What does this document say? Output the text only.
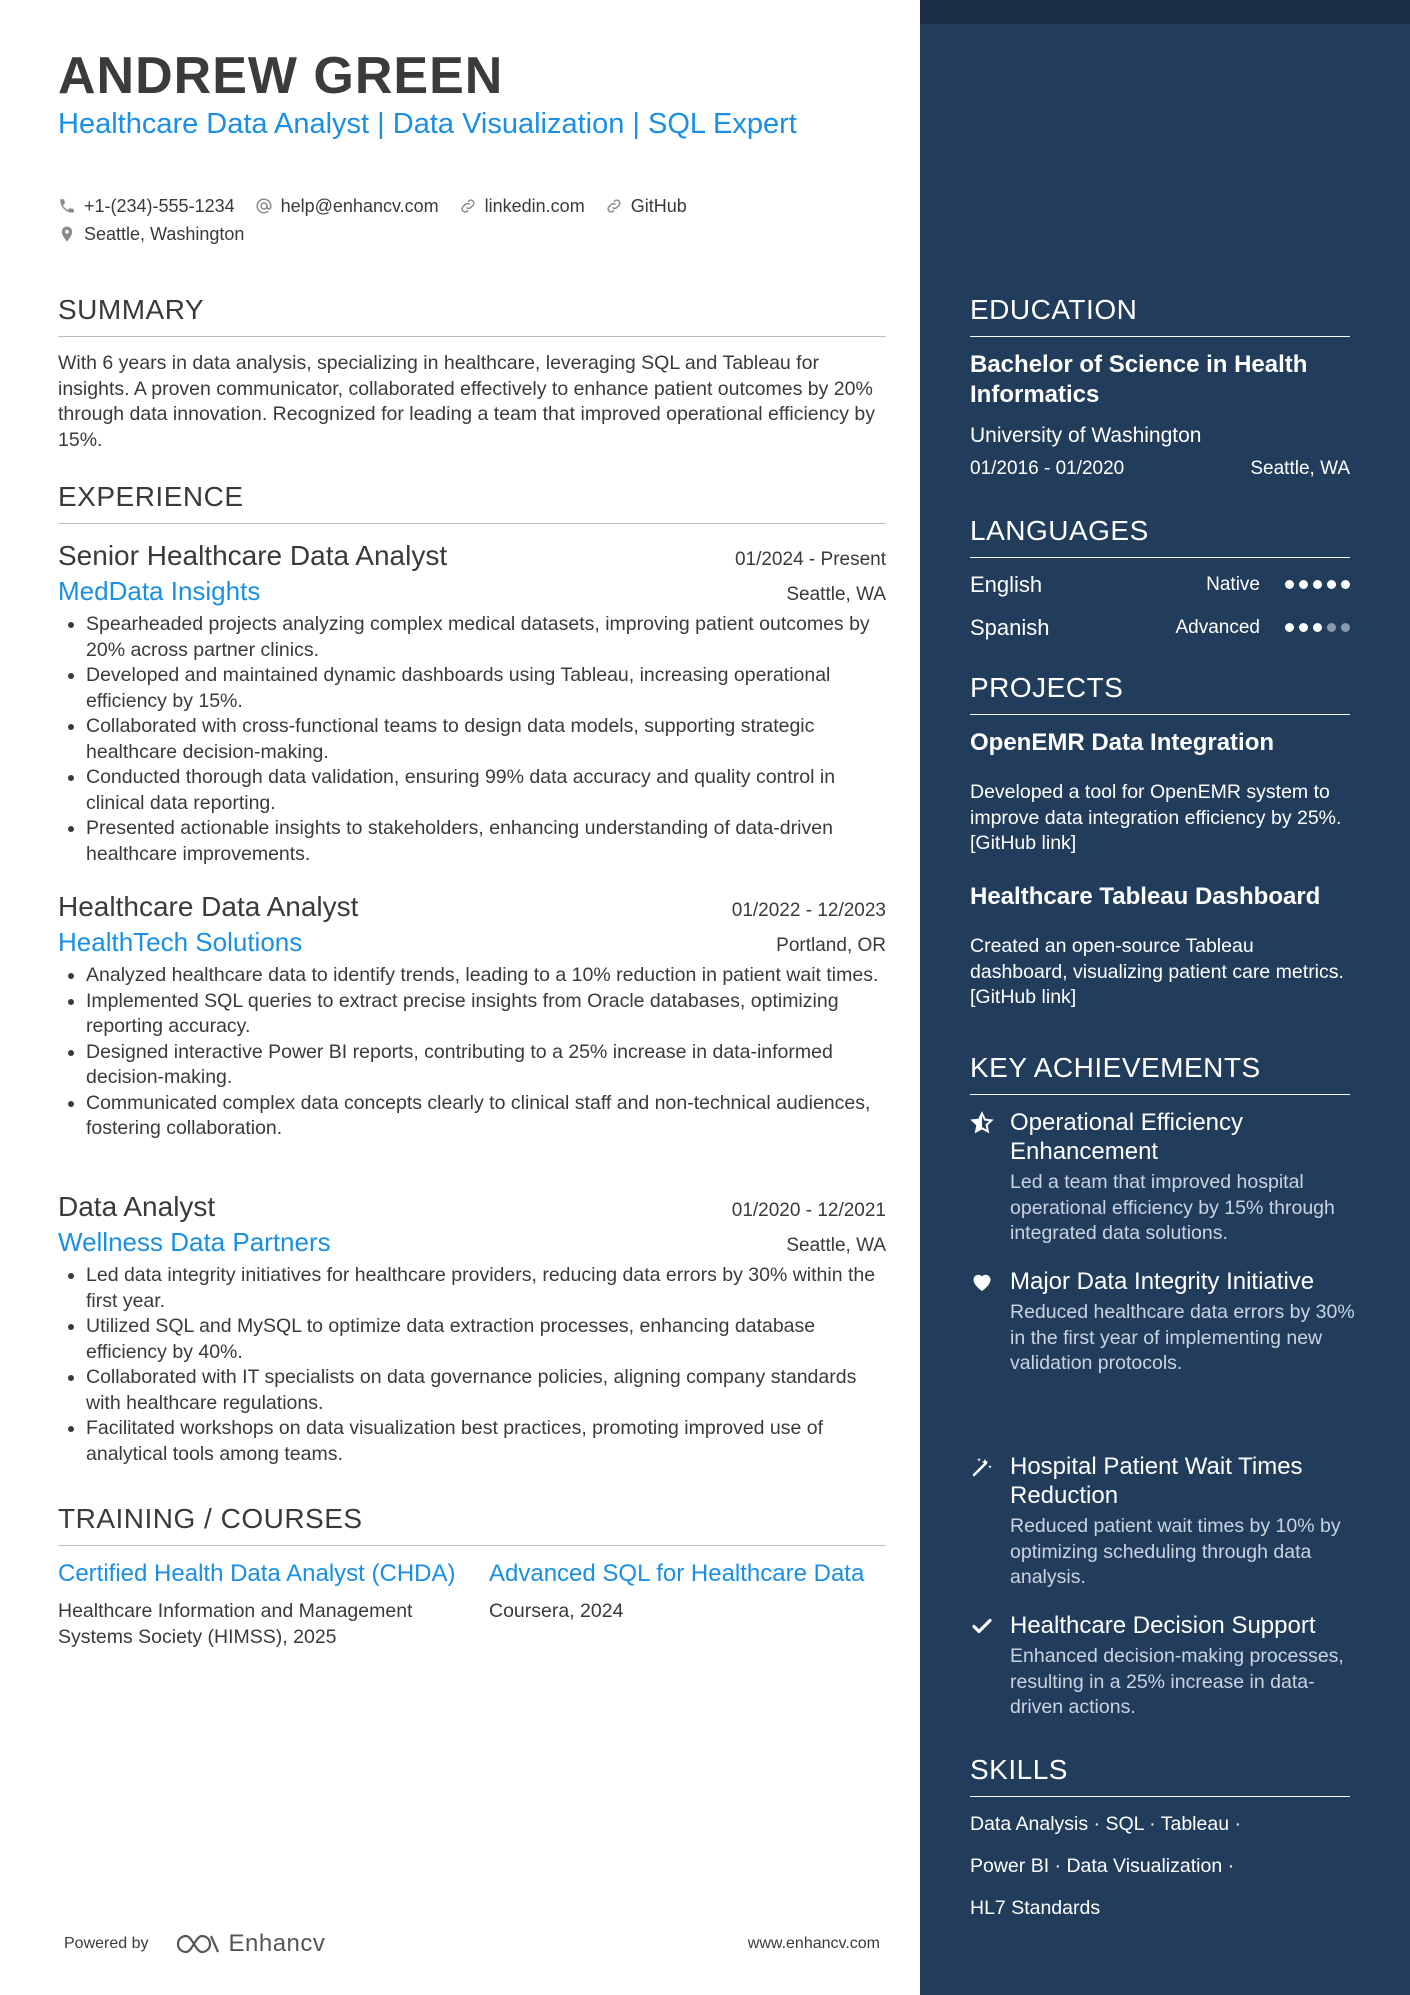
ANDREW GREEN
Healthcare Data Analyst | Data Visualization | SQL Expert
+1-(234)-555-1234	help@enhancv.com	linkedin.com	GitHub
Seattle, Washington
SUMMARY
With 6 years in data analysis, specializing in healthcare, leveraging SQL and Tableau for insights. A proven communicator, collaborated effectively to enhance patient outcomes by 20% through data innovation. Recognized for leading a team that improved operational efficiency by 15%.
EXPERIENCE
Senior Healthcare Data Analyst	01/2024 - Present
MedData Insights	Seattle, WA
• Spearheaded projects analyzing complex medical datasets, improving patient outcomes by 20% across partner clinics.
• Developed and maintained dynamic dashboards using Tableau, increasing operational efficiency by 15%.
• Collaborated with cross-functional teams to design data models, supporting strategic healthcare decision-making.
• Conducted thorough data validation, ensuring 99% data accuracy and quality control in clinical data reporting.
• Presented actionable insights to stakeholders, enhancing understanding of data-driven healthcare improvements.
Healthcare Data Analyst	01/2022 - 12/2023
HealthTech Solutions	Portland, OR
• Analyzed healthcare data to identify trends, leading to a 10% reduction in patient wait times.
• Implemented SQL queries to extract precise insights from Oracle databases, optimizing reporting accuracy.
• Designed interactive Power BI reports, contributing to a 25% increase in data-informed decision-making.
• Communicated complex data concepts clearly to clinical staff and non-technical audiences, fostering collaboration.
Data Analyst	01/2020 - 12/2021
Wellness Data Partners	Seattle, WA
• Led data integrity initiatives for healthcare providers, reducing data errors by 30% within the first year.
• Utilized SQL and MySQL to optimize data extraction processes, enhancing database efficiency by 40%.
• Collaborated with IT specialists on data governance policies, aligning company standards with healthcare regulations.
• Facilitated workshops on data visualization best practices, promoting improved use of analytical tools among teams.
TRAINING / COURSES
Certified Health Data Analyst (CHDA)
Healthcare Information and Management Systems Society (HIMSS), 2025
Advanced SQL for Healthcare Data
Coursera, 2024
Powered by	Enhancv	www.enhancv.com
EDUCATION
Bachelor of Science in Health Informatics
University of Washington
01/2016 - 01/2020	Seattle, WA
LANGUAGES
English	Native
Spanish	Advanced
PROJECTS
OpenEMR Data Integration
Developed a tool for OpenEMR system to improve data integration efficiency by 25%. [GitHub link]
Healthcare Tableau Dashboard
Created an open-source Tableau dashboard, visualizing patient care metrics. [GitHub link]
KEY ACHIEVEMENTS
Operational Efficiency Enhancement
Led a team that improved hospital operational efficiency by 15% through integrated data solutions.
Major Data Integrity Initiative
Reduced healthcare data errors by 30% in the first year of implementing new validation protocols.
Hospital Patient Wait Times Reduction
Reduced patient wait times by 10% by optimizing scheduling through data analysis.
Healthcare Decision Support
Enhanced decision-making processes, resulting in a 25% increase in data-driven actions.
SKILLS
Data Analysis · SQL · Tableau ·
Power BI · Data Visualization ·
HL7 Standards
